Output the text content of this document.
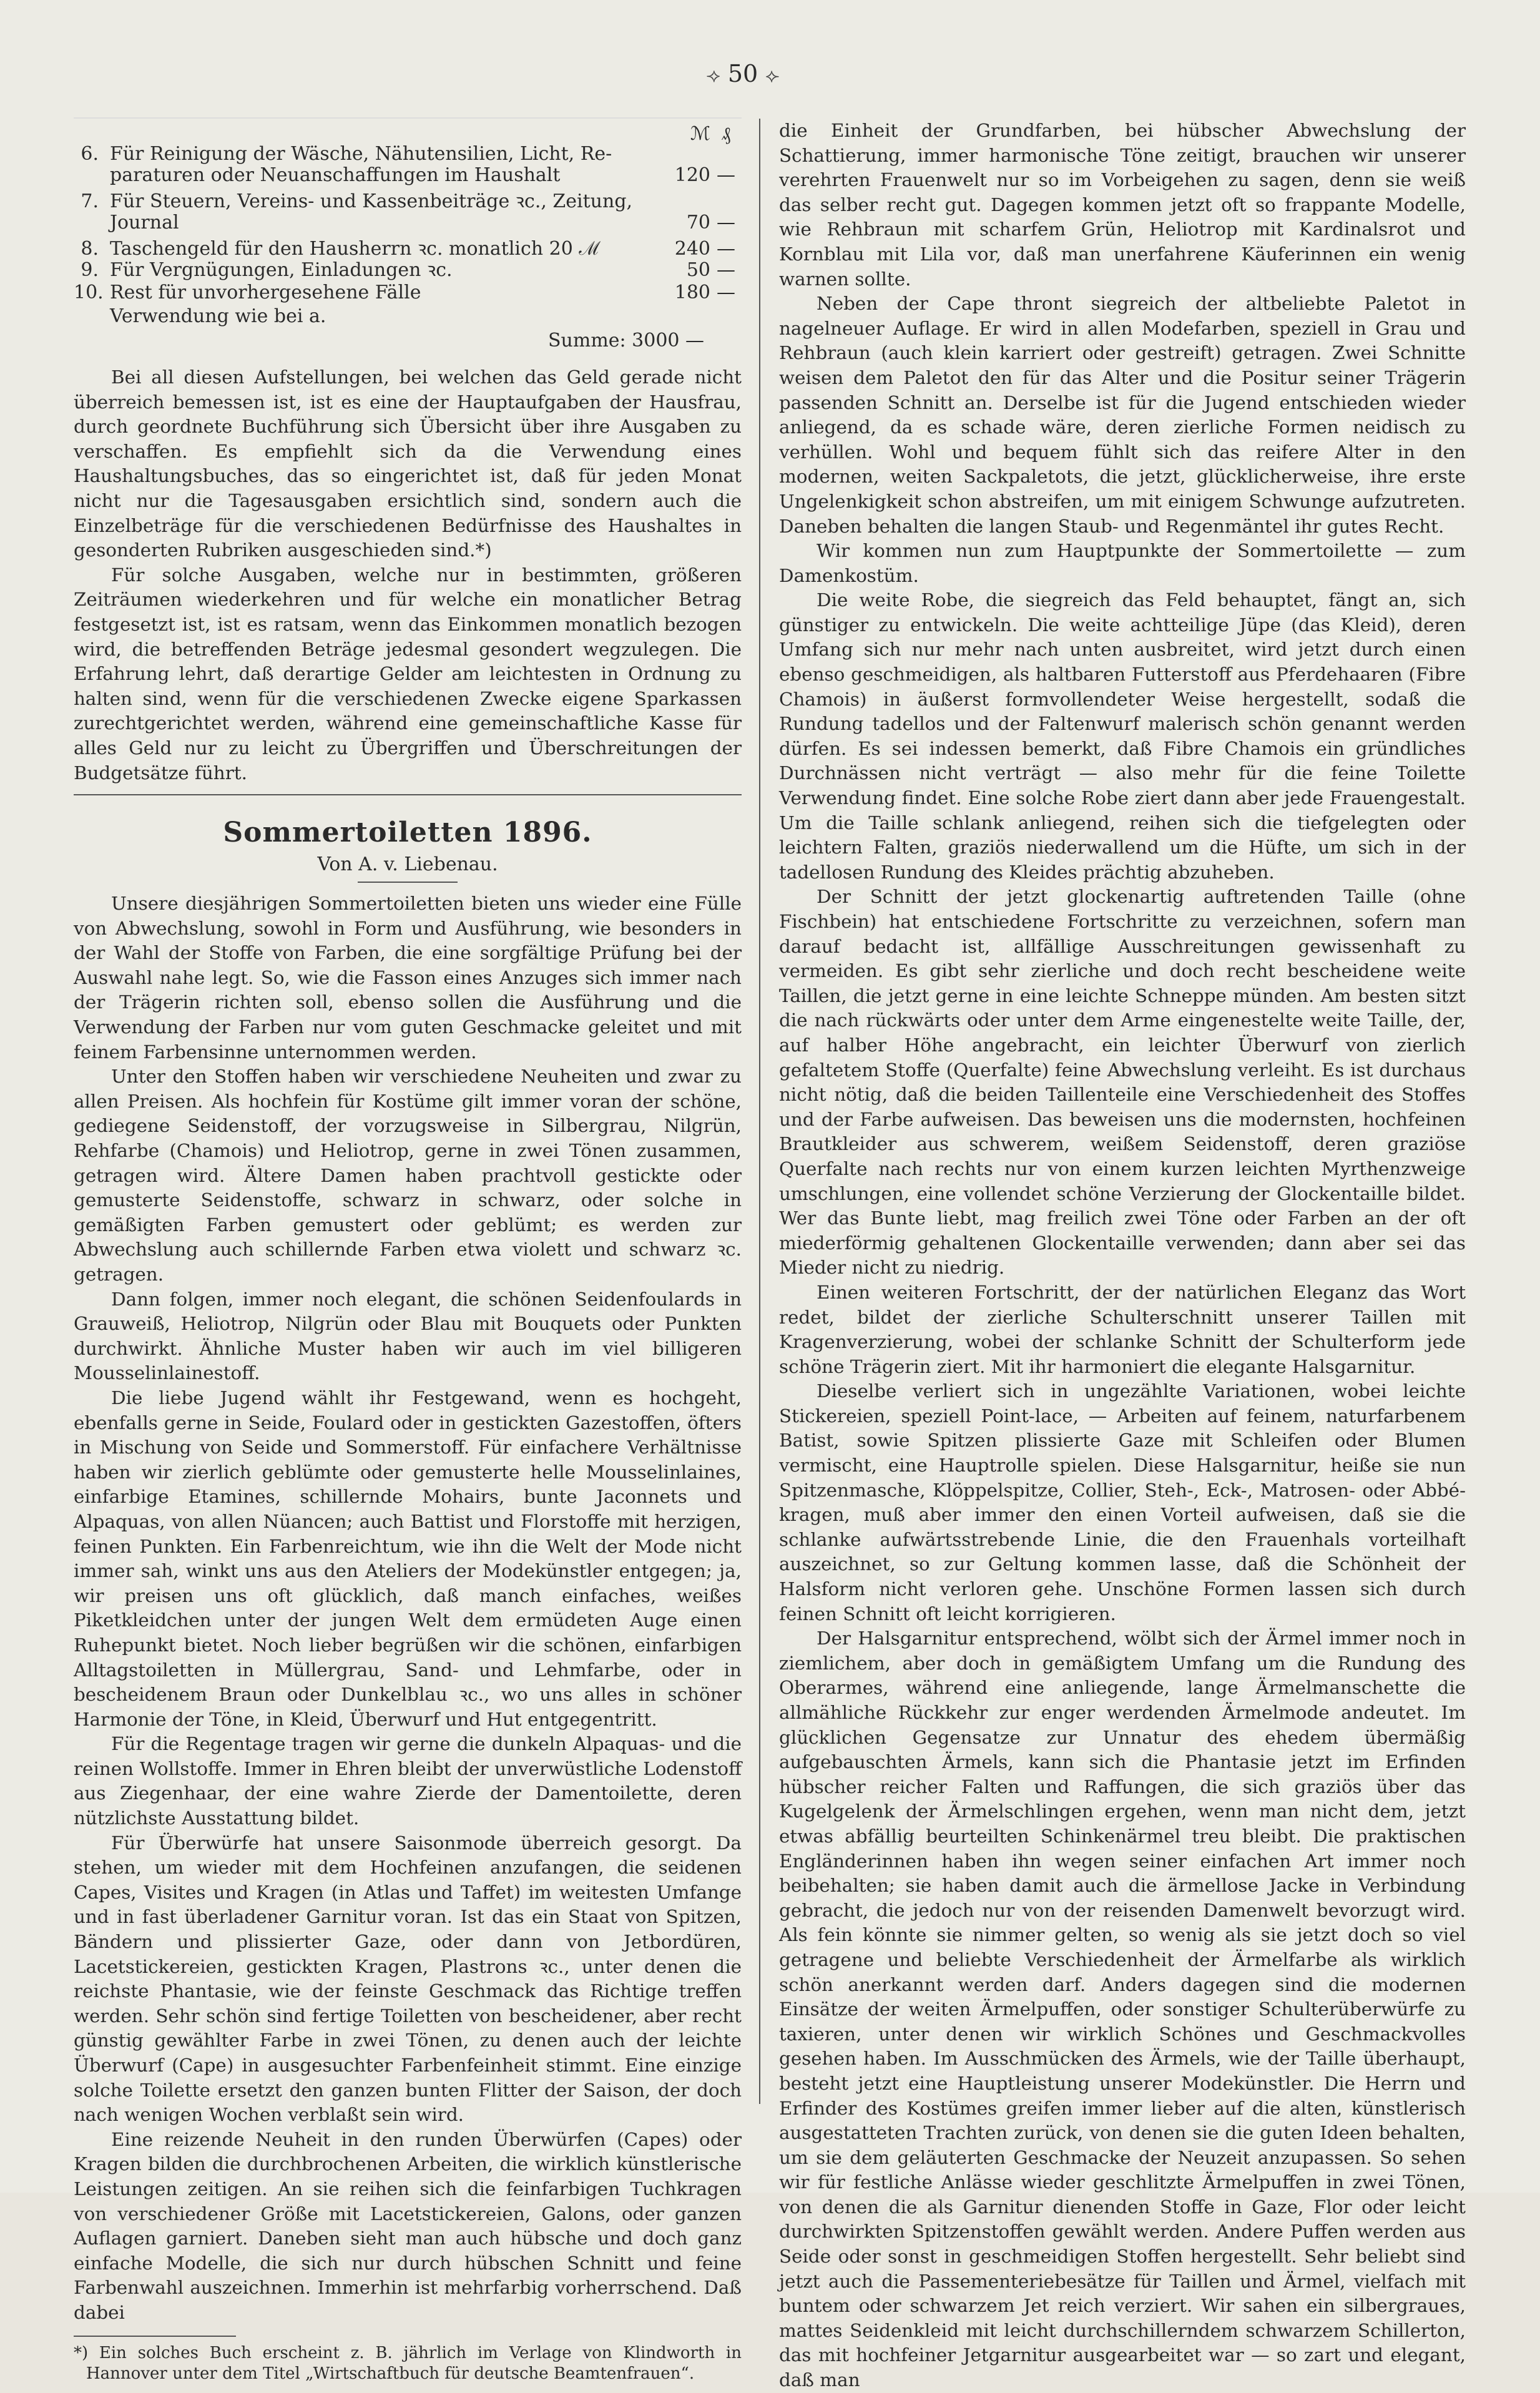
⟢ 50 ⟣
ℳ ₰
6. Für Reinigung der Wäsche, Nähutensilien, Licht, Re-
paraturen oder Neuanschaffungen im Haushalt	120 —
7. Für Steuern, Vereins- und Kassenbeiträge ꝛc., Zeitung,
Journal	70 —
8. Taschengeld für den Hausherrn ꝛc. monatlich 20 ℳ	240 —
9. Für Vergnügungen, Einladungen ꝛc.	50 —
10. Rest für unvorhergesehene Fälle	180 —
Verwendung wie bei a.
Summe: 3000 —

Bei all diesen Aufstellungen, bei welchen das Geld gerade nicht überreich bemessen ist, ist es eine der Hauptaufgaben der Hausfrau, durch geordnete Buchführung sich Übersicht über ihre Ausgaben zu verschaffen. Es empfiehlt sich da die Verwendung eines Haushaltungsbuches, das so eingerichtet ist, daß für jeden Monat nicht nur die Tagesausgaben ersichtlich sind, sondern auch die Einzelbeträge für die verschiedenen Bedürfnisse des Haushaltes in gesonderten Rubriken ausgeschieden sind.*)

Für solche Ausgaben, welche nur in bestimmten, größeren Zeiträumen wiederkehren und für welche ein monatlicher Betrag festgesetzt ist, ist es ratsam, wenn das Einkommen monatlich bezogen wird, die betreffenden Beträge jedesmal gesondert wegzulegen. Die Erfahrung lehrt, daß derartige Gelder am leichtesten in Ordnung zu halten sind, wenn für die verschiedenen Zwecke eigene Sparkassen zurechtgerichtet werden, während eine gemeinschaftliche Kasse für alles Geld nur zu leicht zu Übergriffen und Überschreitungen der Budgetsätze führt.

Sommertoiletten 1896.
Von A. v. Liebenau.

Unsere diesjährigen Sommertoiletten bieten uns wieder eine Fülle von Abwechslung, sowohl in Form und Ausführung, wie besonders in der Wahl der Stoffe von Farben, die eine sorgfältige Prüfung bei der Auswahl nahe legt. So, wie die Fasson eines Anzuges sich immer nach der Trägerin richten soll, ebenso sollen die Ausführung und die Verwendung der Farben nur vom guten Geschmacke geleitet und mit feinem Farbensinne unternommen werden.

Unter den Stoffen haben wir verschiedene Neuheiten und zwar zu allen Preisen. Als hochfein für Kostüme gilt immer voran der schöne, gediegene Seidenstoff, der vorzugsweise in Silbergrau, Nilgrün, Rehfarbe (Chamois) und Heliotrop, gerne in zwei Tönen zusammen, getragen wird. Ältere Damen haben prachtvoll gestickte oder gemusterte Seidenstoffe, schwarz in schwarz, oder solche in gemäßigten Farben gemustert oder geblümt; es werden zur Abwechslung auch schillernde Farben etwa violett und schwarz ꝛc. getragen.

Dann folgen, immer noch elegant, die schönen Seidenfoulards in Grauweiß, Heliotrop, Nilgrün oder Blau mit Bouquets oder Punkten durchwirkt. Ähnliche Muster haben wir auch im viel billigeren Mousselinlainestoff.

Die liebe Jugend wählt ihr Festgewand, wenn es hochgeht, ebenfalls gerne in Seide, Foulard oder in gestickten Gazestoffen, öfters in Mischung von Seide und Sommerstoff. Für einfachere Verhältnisse haben wir zierlich geblümte oder gemusterte helle Mousselinlaines, einfarbige Etamines, schillernde Mohairs, bunte Jaconnets und Alpaquas, von allen Nüancen; auch Battist und Florstoffe mit herzigen, feinen Punkten. Ein Farbenreichtum, wie ihn die Welt der Mode nicht immer sah, winkt uns aus den Ateliers der Modekünstler entgegen; ja, wir preisen uns oft glücklich, daß manch einfaches, weißes Piketkleidchen unter der jungen Welt dem ermüdeten Auge einen Ruhepunkt bietet. Noch lieber begrüßen wir die schönen, einfarbigen Alltagstoiletten in Müllergrau, Sand- und Lehmfarbe, oder in bescheidenem Braun oder Dunkelblau ꝛc., wo uns alles in schöner Harmonie der Töne, in Kleid, Überwurf und Hut entgegentritt.

Für die Regentage tragen wir gerne die dunkeln Alpaquas- und die reinen Wollstoffe. Immer in Ehren bleibt der unverwüstliche Lodenstoff aus Ziegenhaar, der eine wahre Zierde der Damentoilette, deren nützlichste Ausstattung bildet.

Für Überwürfe hat unsere Saisonmode überreich gesorgt. Da stehen, um wieder mit dem Hochfeinen anzufangen, die seidenen Capes, Visites und Kragen (in Atlas und Taffet) im weitesten Umfange und in fast überladener Garnitur voran. Ist das ein Staat von Spitzen, Bändern und plissierter Gaze, oder dann von Jetbordüren, Lacetstickereien, gestickten Kragen, Plastrons ꝛc., unter denen die reichste Phantasie, wie der feinste Geschmack das Richtige treffen werden. Sehr schön sind fertige Toiletten von bescheidener, aber recht günstig gewählter Farbe in zwei Tönen, zu denen auch der leichte Überwurf (Cape) in ausgesuchter Farbenfeinheit stimmt. Eine einzige solche Toilette ersetzt den ganzen bunten Flitter der Saison, der doch nach wenigen Wochen verblaßt sein wird.

Eine reizende Neuheit in den runden Überwürfen (Capes) oder Kragen bilden die durchbrochenen Arbeiten, die wirklich künstlerische Leistungen zeitigen. An sie reihen sich die feinfarbigen Tuchkragen von verschiedener Größe mit Lacetstickereien, Galons, oder ganzen Auflagen garniert. Daneben sieht man auch hübsche und doch ganz einfache Modelle, die sich nur durch hübschen Schnitt und feine Farbenwahl auszeichnen. Immerhin ist mehrfarbig vorherrschend. Daß dabei

*) Ein solches Buch erscheint z. B. jährlich im Verlage von Klindworth in Hannover unter dem Titel „Wirtschaftbuch für deutsche Beamtenfrauen“.

die Einheit der Grundfarben, bei hübscher Abwechslung der Schattierung, immer harmonische Töne zeitigt, brauchen wir unserer verehrten Frauenwelt nur so im Vorbeigehen zu sagen, denn sie weiß das selber recht gut. Dagegen kommen jetzt oft so frappante Modelle, wie Rehbraun mit scharfem Grün, Heliotrop mit Kardinalsrot und Kornblau mit Lila vor, daß man unerfahrene Käuferinnen ein wenig warnen sollte.

Neben der Cape thront siegreich der altbeliebte Paletot in nagelneuer Auflage. Er wird in allen Modefarben, speziell in Grau und Rehbraun (auch klein karriert oder gestreift) getragen. Zwei Schnitte weisen dem Paletot den für das Alter und die Positur seiner Trägerin passenden Schnitt an. Derselbe ist für die Jugend entschieden wieder anliegend, da es schade wäre, deren zierliche Formen neidisch zu verhüllen. Wohl und bequem fühlt sich das reifere Alter in den modernen, weiten Sackpaletots, die jetzt, glücklicherweise, ihre erste Ungelenkigkeit schon abstreifen, um mit einigem Schwunge aufzutreten. Daneben behalten die langen Staub- und Regenmäntel ihr gutes Recht.

Wir kommen nun zum Hauptpunkte der Sommertoilette — zum Damenkostüm.

Die weite Robe, die siegreich das Feld behauptet, fängt an, sich günstiger zu entwickeln. Die weite achtteilige Jüpe (das Kleid), deren Umfang sich nur mehr nach unten ausbreitet, wird jetzt durch einen ebenso geschmeidigen, als haltbaren Futterstoff aus Pferdehaaren (Fibre Chamois) in äußerst formvollendeter Weise hergestellt, sodaß die Rundung tadellos und der Faltenwurf malerisch schön genannt werden dürfen. Es sei indessen bemerkt, daß Fibre Chamois ein gründliches Durchnässen nicht verträgt — also mehr für die feine Toilette Verwendung findet. Eine solche Robe ziert dann aber jede Frauengestalt. Um die Taille schlank anliegend, reihen sich die tiefgelegten oder leichtern Falten, graziös niederwallend um die Hüfte, um sich in der tadellosen Rundung des Kleides prächtig abzuheben.

Der Schnitt der jetzt glockenartig auftretenden Taille (ohne Fischbein) hat entschiedene Fortschritte zu verzeichnen, sofern man darauf bedacht ist, allfällige Ausschreitungen gewissenhaft zu vermeiden. Es gibt sehr zierliche und doch recht bescheidene weite Taillen, die jetzt gerne in eine leichte Schneppe münden. Am besten sitzt die nach rückwärts oder unter dem Arme eingenestelte weite Taille, der, auf halber Höhe angebracht, ein leichter Überwurf von zierlich gefaltetem Stoffe (Querfalte) feine Abwechslung verleiht. Es ist durchaus nicht nötig, daß die beiden Taillenteile eine Verschiedenheit des Stoffes und der Farbe aufweisen. Das beweisen uns die modernsten, hochfeinen Brautkleider aus schwerem, weißem Seidenstoff, deren graziöse Querfalte nach rechts nur von einem kurzen leichten Myrthenzweige umschlungen, eine vollendet schöne Verzierung der Glockentaille bildet. Wer das Bunte liebt, mag freilich zwei Töne oder Farben an der oft miederförmig gehaltenen Glockentaille verwenden; dann aber sei das Mieder nicht zu niedrig.

Einen weiteren Fortschritt, der der natürlichen Eleganz das Wort redet, bildet der zierliche Schulterschnitt unserer Taillen mit Kragenverzierung, wobei der schlanke Schnitt der Schulterform jede schöne Trägerin ziert. Mit ihr harmoniert die elegante Halsgarnitur.

Dieselbe verliert sich in ungezählte Variationen, wobei leichte Stickereien, speziell Point-lace, — Arbeiten auf feinem, naturfarbenem Batist, sowie Spitzen plissierte Gaze mit Schleifen oder Blumen vermischt, eine Hauptrolle spielen. Diese Halsgarnitur, heiße sie nun Spitzenmasche, Klöppelspitze, Collier, Steh-, Eck-, Matrosen- oder Abbé-kragen, muß aber immer den einen Vorteil aufweisen, daß sie die schlanke aufwärtsstrebende Linie, die den Frauenhals vorteilhaft auszeichnet, so zur Geltung kommen lasse, daß die Schönheit der Halsform nicht verloren gehe. Unschöne Formen lassen sich durch feinen Schnitt oft leicht korrigieren.

Der Halsgarnitur entsprechend, wölbt sich der Ärmel immer noch in ziemlichem, aber doch in gemäßigtem Umfang um die Rundung des Oberarmes, während eine anliegende, lange Ärmelmanschette die allmähliche Rückkehr zur enger werdenden Ärmelmode andeutet. Im glücklichen Gegensatze zur Unnatur des ehedem übermäßig aufgebauschten Ärmels, kann sich die Phantasie jetzt im Erfinden hübscher reicher Falten und Raffungen, die sich graziös über das Kugelgelenk der Ärmelschlingen ergehen, wenn man nicht dem, jetzt etwas abfällig beurteilten Schinkenärmel treu bleibt. Die praktischen Engländerinnen haben ihn wegen seiner einfachen Art immer noch beibehalten; sie haben damit auch die ärmellose Jacke in Verbindung gebracht, die jedoch nur von der reisenden Damenwelt bevorzugt wird. Als fein könnte sie nimmer gelten, so wenig als sie jetzt doch so viel getragene und beliebte Verschiedenheit der Ärmelfarbe als wirklich schön anerkannt werden darf. Anders dagegen sind die modernen Einsätze der weiten Ärmelpuffen, oder sonstiger Schulterüberwürfe zu taxieren, unter denen wir wirklich Schönes und Geschmackvolles gesehen haben. Im Ausschmücken des Ärmels, wie der Taille überhaupt, besteht jetzt eine Hauptleistung unserer Modekünstler. Die Herrn und Erfinder des Kostümes greifen immer lieber auf die alten, künstlerisch ausgestatteten Trachten zurück, von denen sie die guten Ideen behalten, um sie dem geläuterten Geschmacke der Neuzeit anzupassen. So sehen wir für festliche Anlässe wieder geschlitzte Ärmelpuffen in zwei Tönen, von denen die als Garnitur dienenden Stoffe in Gaze, Flor oder leicht durchwirkten Spitzenstoffen gewählt werden. Andere Puffen werden aus Seide oder sonst in geschmeidigen Stoffen hergestellt. Sehr beliebt sind jetzt auch die Passementeriebesätze für Taillen und Ärmel, vielfach mit buntem oder schwarzem Jet reich verziert. Wir sahen ein silbergraues, mattes Seidenkleid mit leicht durchschillerndem schwarzem Schillerton, das mit hochfeiner Jetgarnitur ausgearbeitet war — so zart und elegant, daß man
